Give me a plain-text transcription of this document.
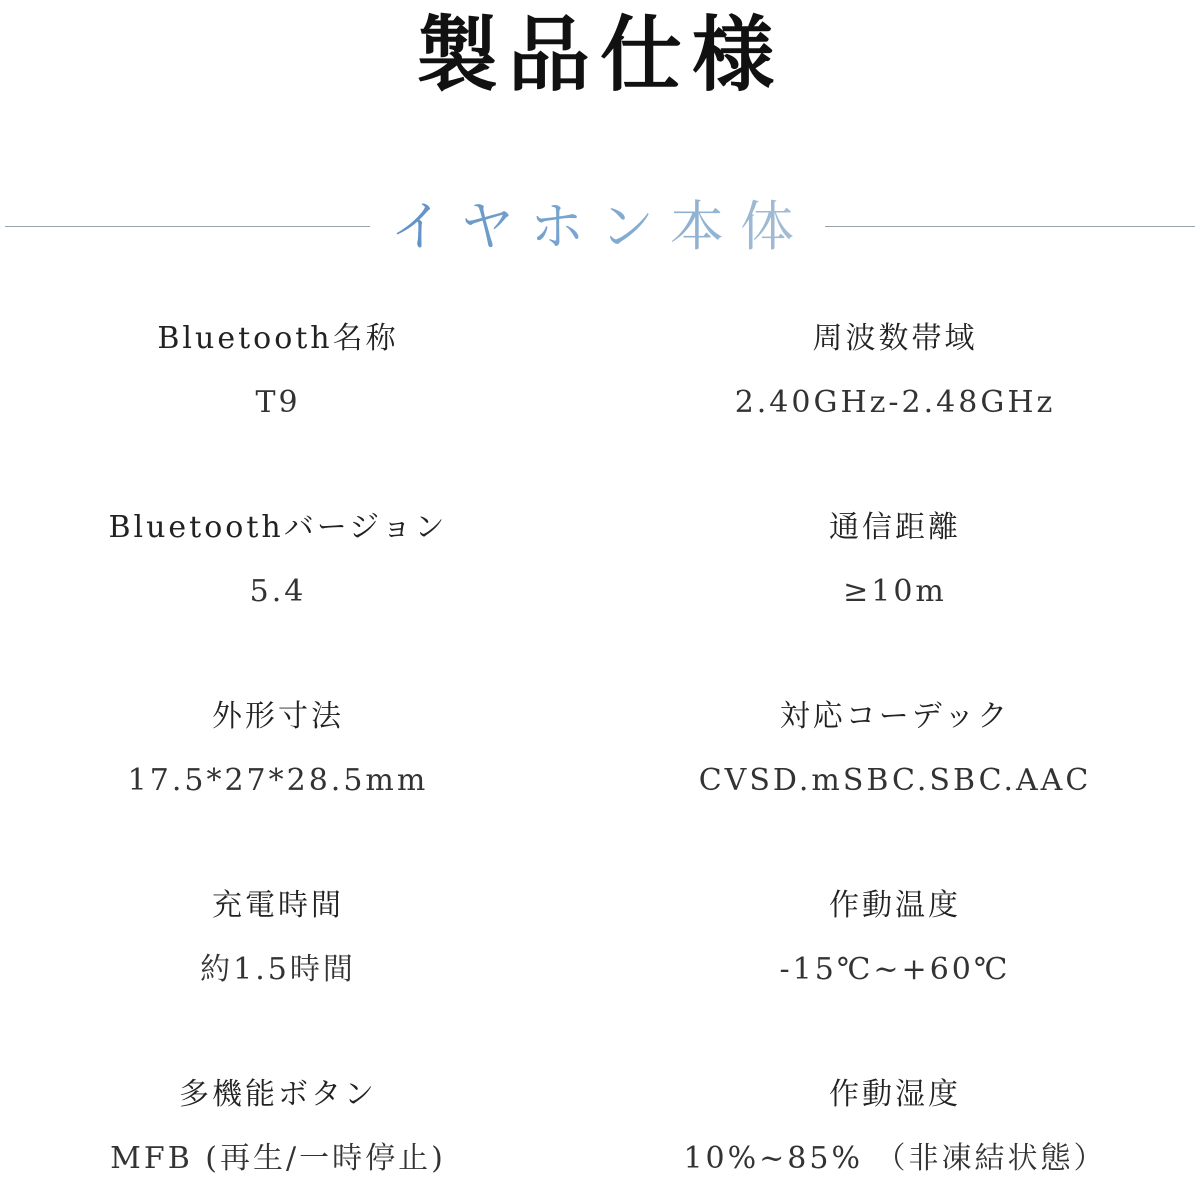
製品仕様
イヤホン本体
Bluetooth名称
T9
Bluetoothバージョン
5.4
外形寸法
17.5*27*28.5mm
充電時間
約1.5時間
多機能ボタン
MFB (再生/一時停止)
周波数帯域
2.40GHz-2.48GHz
通信距離
≥10m
対応コーデック
CVSD.mSBC.SBC.AAC
作動温度
-15℃~+60℃
作動湿度
10%~85% （非凍結状態）
